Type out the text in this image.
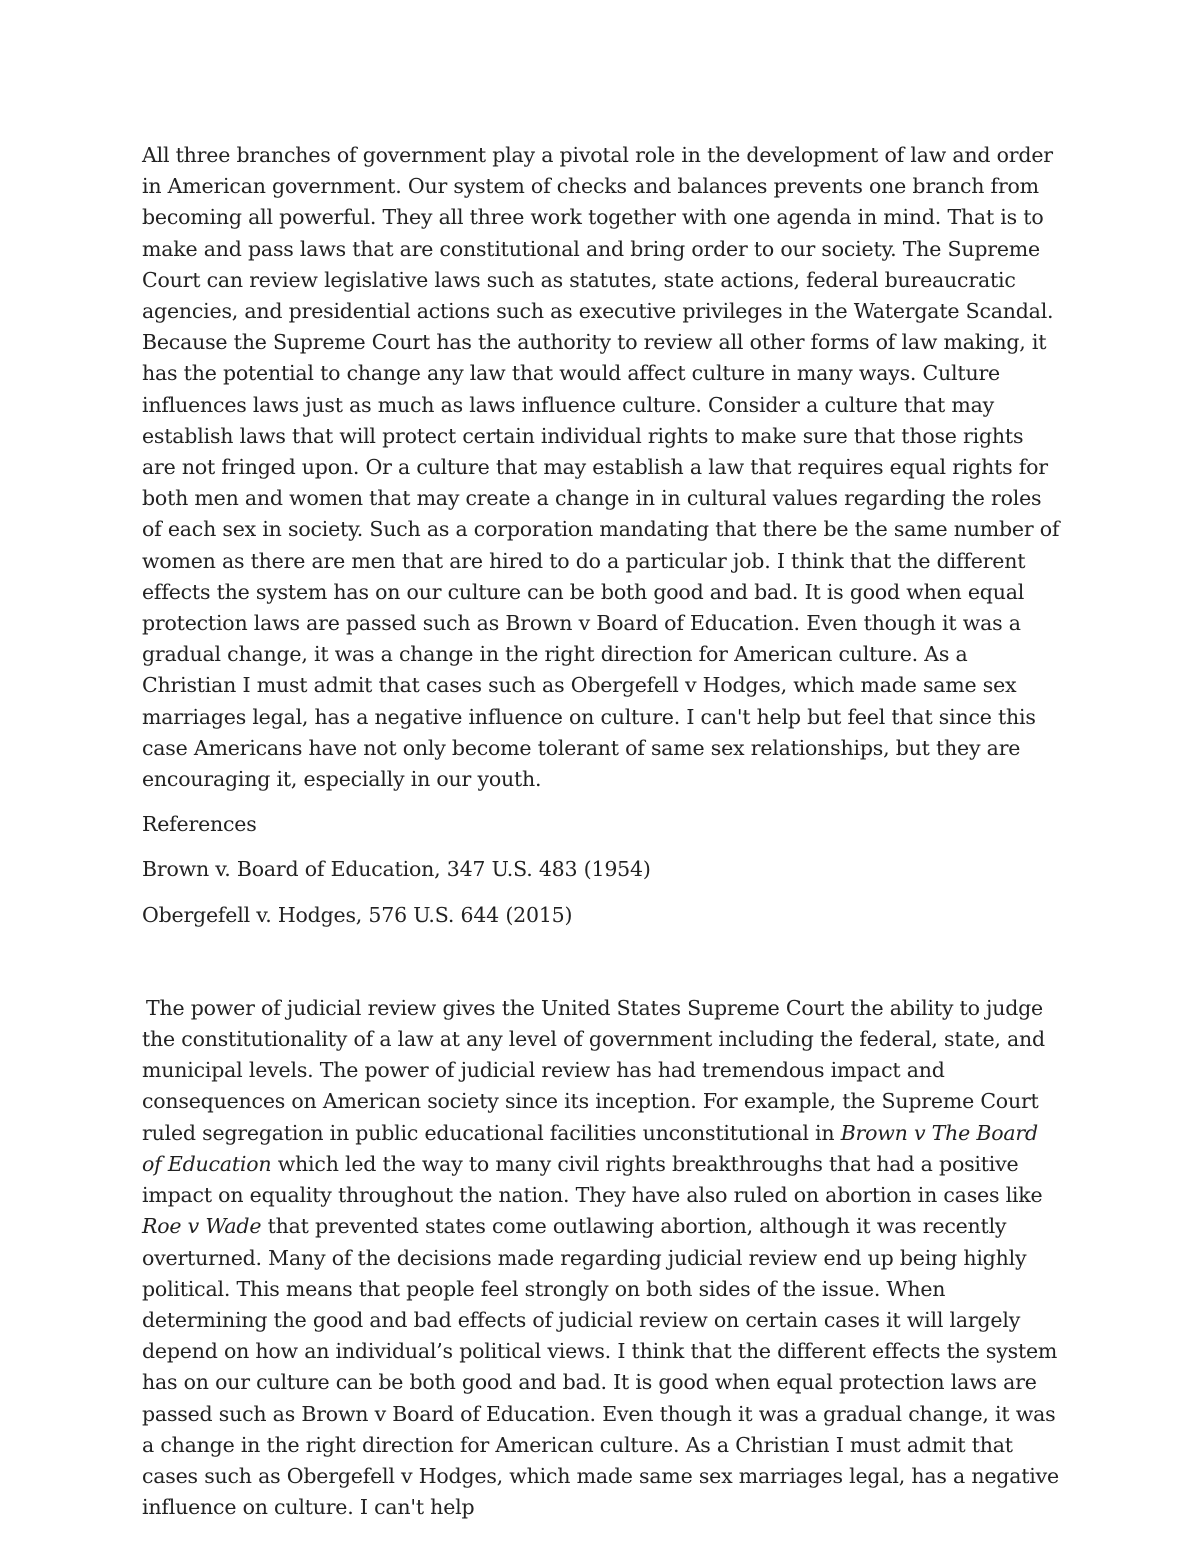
All three branches of government play a pivotal role in the development of law and order in American government. Our system of checks and balances prevents one branch from becoming all powerful. They all three work together with one agenda in mind. That is to make and pass laws that are constitutional and bring order to our society. The Supreme Court can review legislative laws such as statutes, state actions, federal bureaucratic agencies, and presidential actions such as executive privileges in the Watergate Scandal. Because the Supreme Court has the authority to review all other forms of law making, it has the potential to change any law that would affect culture in many ways. Culture influences laws just as much as laws influence culture. Consider a culture that may establish laws that will protect certain individual rights to make sure that those rights are not fringed upon. Or a culture that may establish a law that requires equal rights for both men and women that may create a change in in cultural values regarding the roles of each sex in society. Such as a corporation mandating that there be the same number of women as there are men that are hired to do a particular job. I think that the different effects the system has on our culture can be both good and bad. It is good when equal protection laws are passed such as Brown v Board of Education. Even though it was a gradual change, it was a change in the right direction for American culture. As a Christian I must admit that cases such as Obergefell v Hodges, which made same sex marriages legal, has a negative influence on culture. I can't help but feel that since this case Americans have not only become tolerant of same sex relationships, but they are encouraging it, especially in our youth.

References

Brown v. Board of Education, 347 U.S. 483 (1954)

Obergefell v. Hodges, 576 U.S. 644 (2015)

The power of judicial review gives the United States Supreme Court the ability to judge the constitutionality of a law at any level of government including the federal, state, and municipal levels. The power of judicial review has had tremendous impact and consequences on American society since its inception. For example, the Supreme Court ruled segregation in public educational facilities unconstitutional in Brown v The Board of Education which led the way to many civil rights breakthroughs that had a positive impact on equality throughout the nation. They have also ruled on abortion in cases like Roe v Wade that prevented states come outlawing abortion, although it was recently overturned. Many of the decisions made regarding judicial review end up being highly political. This means that people feel strongly on both sides of the issue. When determining the good and bad effects of judicial review on certain cases it will largely depend on how an individual’s political views. I think that the different effects the system has on our culture can be both good and bad. It is good when equal protection laws are passed such as Brown v Board of Education. Even though it was a gradual change, it was a change in the right direction for American culture. As a Christian I must admit that cases such as Obergefell v Hodges, which made same sex marriages legal, has a negative influence on culture. I can't help
